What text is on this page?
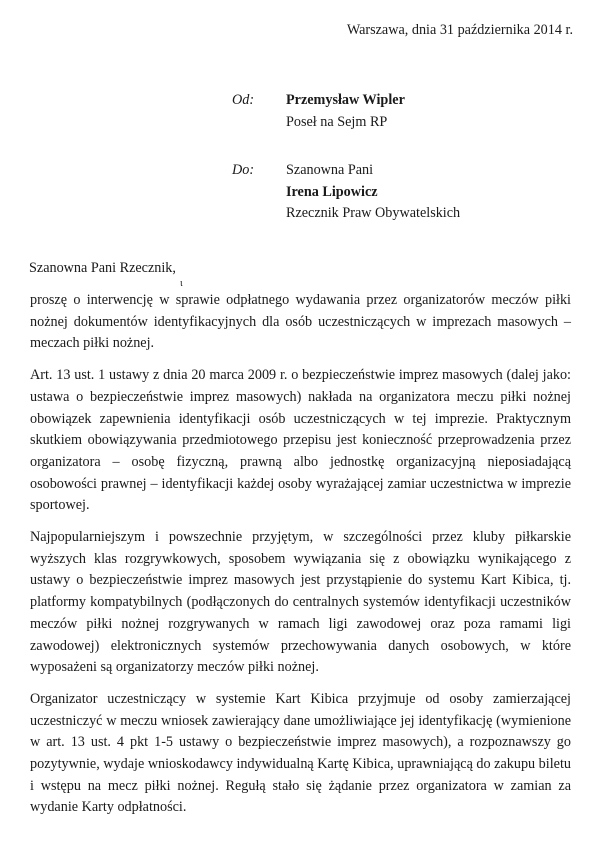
Warszawa, dnia 31 października 2014 r.
Od: Przemysław Wipler
Poseł na Sejm RP
Do: Szanowna Pani
Irena Lipowicz
Rzecznik Praw Obywatelskich
Szanowna Pani Rzecznik,
ι

proszę o interwencję w sprawie odpłatnego wydawania przez organizatorów meczów piłki nożnej dokumentów identyfikacyjnych dla osób uczestniczących w imprezach masowych – meczach piłki nożnej.

Art. 13 ust. 1 ustawy z dnia 20 marca 2009 r. o bezpieczeństwie imprez masowych (dalej jako: ustawa o bezpieczeństwie imprez masowych) nakłada na organizatora meczu piłki nożnej obowiązek zapewnienia identyfikacji osób uczestniczących w tej imprezie. Praktycznym skutkiem obowiązywania przedmiotowego przepisu jest konieczność przeprowadzenia przez organizatora – osobę fizyczną, prawną albo jednostkę organizacyjną nieposiadającą osobowości prawnej – identyfikacji każdej osoby wyrażającej zamiar uczestnictwa w imprezie sportowej.

Najpopularniejszym i powszechnie przyjętym, w szczególności przez kluby piłkarskie wyższych klas rozgrywkowych, sposobem wywiązania się z obowiązku wynikającego z ustawy o bezpieczeństwie imprez masowych jest przystąpienie do systemu Kart Kibica, tj. platformy kompatybilnych (podłączonych do centralnych systemów identyfikacji uczestników meczów piłki nożnej rozgrywanych w ramach ligi zawodowej oraz poza ramami ligi zawodowej) elektronicznych systemów przechowywania danych osobowych, w które wyposażeni są organizatorzy meczów piłki nożnej.

Organizator uczestniczący w systemie Kart Kibica przyjmuje od osoby zamierzającej uczestniczyć w meczu wniosek zawierający dane umożliwiające jej identyfikację (wymienione w art. 13 ust. 4 pkt 1-5 ustawy o bezpieczeństwie imprez masowych), a rozpoznawszy go pozytywnie, wydaje wnioskodawcy indywidualną Kartę Kibica, uprawniającą do zakupu biletu i wstępu na mecz piłki nożnej. Regułą stało się żądanie przez organizatora w zamian za wydanie Karty odpłatności.
